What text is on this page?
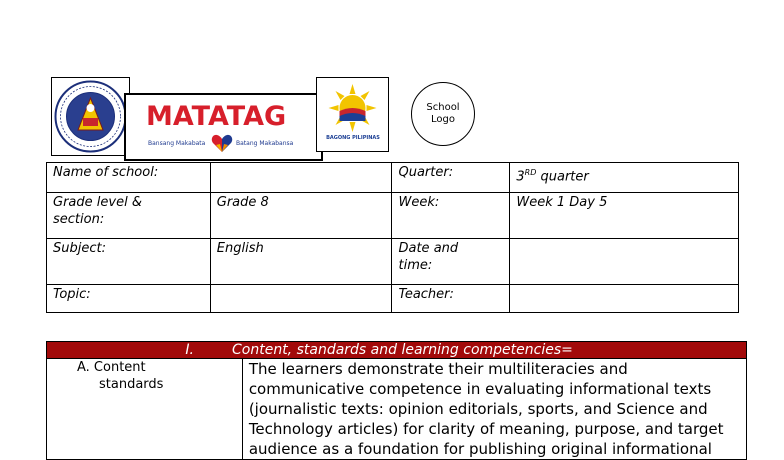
MATATAG
Bansang Makabata	Batang Makabansa
BAGONG PILIPINAS
School
Logo
Name of school:		Quarter:	3RD quarter
Grade level &
section:	Grade 8	Week:	Week 1 Day 5
Subject:	English	Date and
time:	
Topic:		Teacher:	
I.	Content, standards and learning competencies=
A. Content
standards	The learners demonstrate their multiliteracies and communicative competence in evaluating informational texts (journalistic texts: opinion editorials, sports, and Science and Technology articles) for clarity of meaning, purpose, and target audience as a foundation for publishing original informational
